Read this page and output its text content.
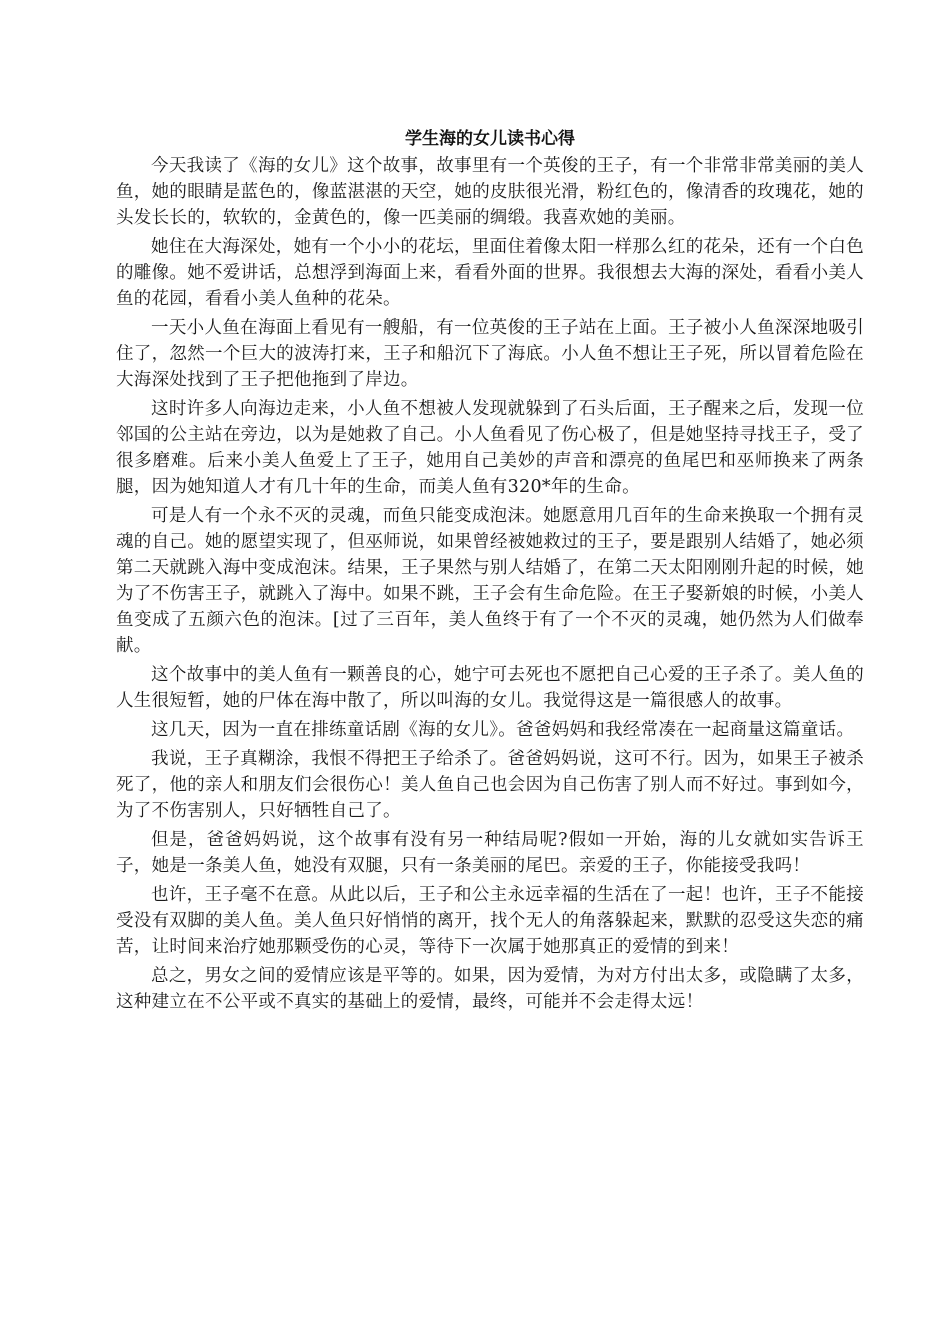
学生海的女儿读书心得

今天我读了《海的女儿》这个故事，故事里有一个英俊的王子，有一个非常非常美丽的美人鱼，她的眼睛是蓝色的，像蓝湛湛的天空，她的皮肤很光滑，粉红色的，像清香的玫瑰花，她的头发长长的，软软的，金黄色的，像一匹美丽的绸缎。我喜欢她的美丽。

她住在大海深处，她有一个小小的花坛，里面住着像太阳一样那么红的花朵，还有一个白色的雕像。她不爱讲话，总想浮到海面上来，看看外面的世界。我很想去大海的深处，看看小美人鱼的花园，看看小美人鱼种的花朵。

一天小人鱼在海面上看见有一艘船，有一位英俊的王子站在上面。王子被小人鱼深深地吸引住了，忽然一个巨大的波涛打来，王子和船沉下了海底。小人鱼不想让王子死，所以冒着危险在大海深处找到了王子把他拖到了岸边。

这时许多人向海边走来，小人鱼不想被人发现就躲到了石头后面，王子醒来之后，发现一位邻国的公主站在旁边，以为是她救了自己。小人鱼看见了伤心极了，但是她坚持寻找王子，受了很多磨难。后来小美人鱼爱上了王子，她用自己美妙的声音和漂亮的鱼尾巴和巫师换来了两条腿，因为她知道人才有几十年的生命，而美人鱼有320*年的生命。

可是人有一个永不灭的灵魂，而鱼只能变成泡沫。她愿意用几百年的生命来换取一个拥有灵魂的自己。她的愿望实现了，但巫师说，如果曾经被她救过的王子，要是跟别人结婚了，她必须第二天就跳入海中变成泡沫。结果，王子果然与别人结婚了，在第二天太阳刚刚升起的时候，她为了不伤害王子，就跳入了海中。如果不跳，王子会有生命危险。在王子娶新娘的时候，小美人鱼变成了五颜六色的泡沫。[过了三百年，美人鱼终于有了一个不灭的灵魂，她仍然为人们做奉献。

这个故事中的美人鱼有一颗善良的心，她宁可去死也不愿把自己心爱的王子杀了。美人鱼的人生很短暂，她的尸体在海中散了，所以叫海的女儿。我觉得这是一篇很感人的故事。

这几天，因为一直在排练童话剧《海的女儿》。爸爸妈妈和我经常凑在一起商量这篇童话。

我说，王子真糊涂，我恨不得把王子给杀了。爸爸妈妈说，这可不行。因为，如果王子被杀死了，他的亲人和朋友们会很伤心！美人鱼自己也会因为自己伤害了别人而不好过。事到如今，为了不伤害别人，只好牺牲自己了。

但是，爸爸妈妈说，这个故事有没有另一种结局呢?假如一开始，海的儿女就如实告诉王子，她是一条美人鱼，她没有双腿，只有一条美丽的尾巴。亲爱的王子，你能接受我吗！

也许，王子毫不在意。从此以后，王子和公主永远幸福的生活在了一起！也许，王子不能接受没有双脚的美人鱼。美人鱼只好悄悄的离开，找个无人的角落躲起来，默默的忍受这失恋的痛苦，让时间来治疗她那颗受伤的心灵，等待下一次属于她那真正的爱情的到来！

总之，男女之间的爱情应该是平等的。如果，因为爱情，为对方付出太多，或隐瞒了太多，这种建立在不公平或不真实的基础上的爱情，最终，可能并不会走得太远！
